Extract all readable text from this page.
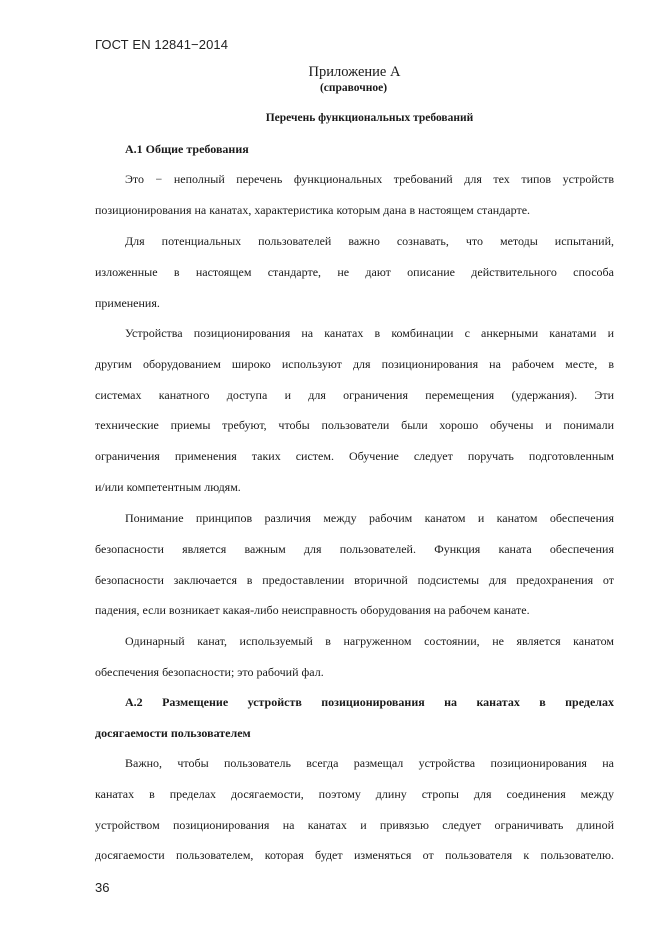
ГОСТ EN 12841−2014
Приложение А
(справочное)
Перечень функциональных требований
А.1 Общие требования
Это − неполный перечень функциональных требований для тех типов устройств
позиционирования на канатах, характеристика которым дана в настоящем стандарте.
Для потенциальных пользователей важно сознавать, что методы испытаний,
изложенные в настоящем стандарте, не дают описание действительного способа
применения.
Устройства позиционирования на канатах в комбинации с анкерными канатами и
другим оборудованием широко используют для позиционирования на рабочем месте, в
системах канатного доступа и для ограничения перемещения (удержания). Эти
технические приемы требуют, чтобы пользователи были хорошо обучены и понимали
ограничения применения таких систем. Обучение следует поручать подготовленным
и/или компетентным людям.
Понимание принципов различия между рабочим канатом и канатом обеспечения
безопасности является важным для пользователей. Функция каната обеспечения
безопасности заключается в предоставлении вторичной подсистемы для предохранения от
падения, если возникает какая-либо неисправность оборудования на рабочем канате.
Одинарный канат, используемый в нагруженном состоянии, не является канатом
обеспечения безопасности; это рабочий фал.
А.2 Размещение устройств позиционирования на канатах в пределах
досягаемости пользователем
Важно, чтобы пользователь всегда размещал устройства позиционирования на
канатах в пределах досягаемости, поэтому длину стропы для соединения между
устройством позиционирования на канатах и привязью следует ограничивать длиной
досягаемости пользователем, которая будет изменяться от пользователя к пользователю.
36
